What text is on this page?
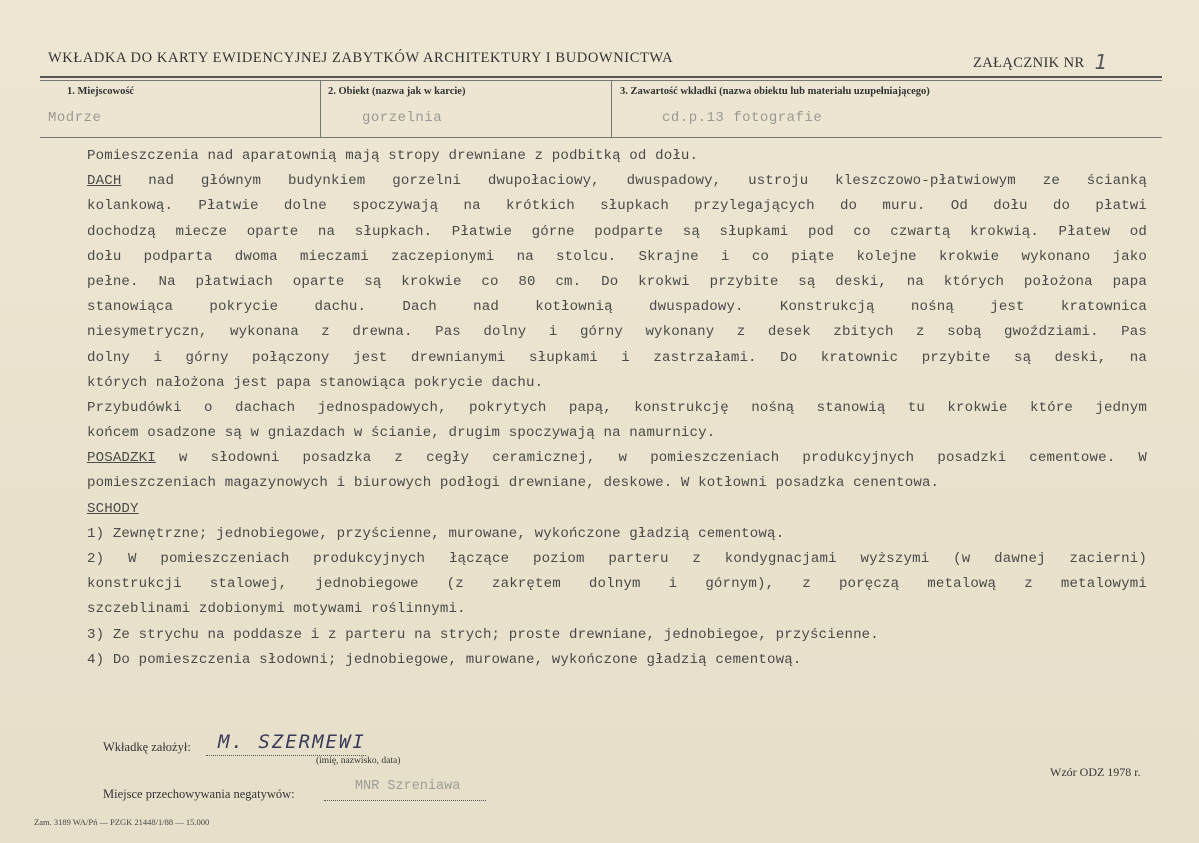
WKŁADKA DO KARTY EWIDENCYJNEJ ZABYTKÓW ARCHITEKTURY I BUDOWNICTWA	ZAŁĄCZNIK NR 1
1. Miejscowość	2. Obiekt (nazwa jak w karcie)	3. Zawartość wkładki (nazwa obiektu lub materiału uzupełniającego)
Modrze	gorzelnia	cd.p.13 fotografie
Pomieszczenia nad aparatownią mają stropy drewniane z podbitką od dołu.
DACH nad głównym budynkiem gorzelni dwupołaciowy, dwuspadowy, ustroju kleszczowo-płatwiowym ze ścianką
kolankową. Płatwie dolne spoczywają na krótkich słupkach przylegających do muru. Od dołu do płatwi
dochodzą miecze oparte na słupkach. Płatwie górne podparte są słupkami pod co czwartą krokwią. Płatew od
dołu podparta dwoma mieczami zaczepionymi na stolcu. Skrajne i co piąte kolejne krokwie wykonano jako
pełne. Na płatwiach oparte są krokwie co 80 cm. Do krokwi przybite są deski, na których położona papa
stanowiąca pokrycie dachu. Dach nad kotłownią dwuspadowy. Konstrukcją nośną jest kratownica
niesymetryczn, wykonana z drewna. Pas dolny i górny wykonany z desek zbitych z sobą gwoździami. Pas
dolny i górny połączony jest drewnianymi słupkami i zastrzałami. Do kratownic przybite są deski, na
których nałożona jest papa stanowiąca pokrycie dachu.
Przybudówki o dachach jednospadowych, pokrytych papą, konstrukcję nośną stanowią tu krokwie które jednym
końcem osadzone są w gniazdach w ścianie, drugim spoczywają na namurnicy.
POSADZKI w słodowni posadzka z cegły ceramicznej, w pomieszczeniach produkcyjnych posadzki cementowe. W
pomieszczeniach magazynowych i biurowych podłogi drewniane, deskowe. W kotłowni posadzka cenentowa.
SCHODY
1) Zewnętrzne; jednobiegowe, przyścienne, murowane, wykończone gładzią cementową.
2) W pomieszczeniach produkcyjnych łączące poziom parteru z kondygnacjami wyższymi (w dawnej zacierni)
konstrukcji stalowej, jednobiegowe (z zakrętem dolnym i górnym), z poręczą metalową z metalowymi
szczeblinami zdobionymi motywami roślinnymi.
3) Ze strychu na poddasze i z parteru na strych; proste drewniane, jednobiegoe, przyścienne.
4) Do pomieszczenia słodowni; jednobiegowe, murowane, wykończone gładzią cementową.
Wkładkę założył: M. SZERMEWI
(imię, nazwisko, data)
Miejsce przechowywania negatywów:	MNR Szreniawa
Wzór ODZ 1978 r.
Zam. 3189 WA/Pń — PZGK 21448/1/88 — 15.000
